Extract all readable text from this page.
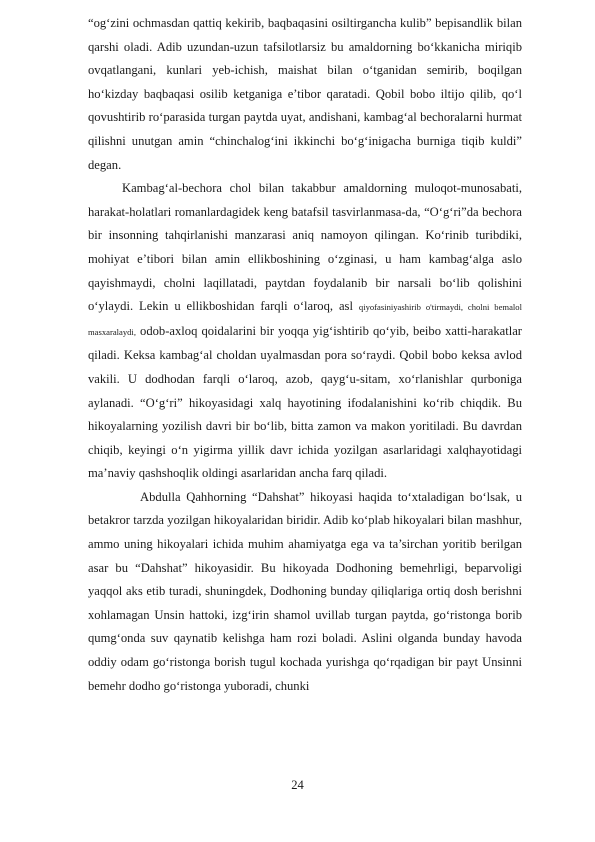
“og‘zini ochmasdan qattiq kekirib, baqbaqasini osiltirgancha kulib” bepisandlik bilan qarshi oladi. Adib uzundan-uzun tafsilotlarsiz bu amaldorning bo‘kkanicha miriqib ovqatlangani, kunlari yeb-ichish, maishat bilan o‘tganidan semirib, boqilgan ho‘kizday baqbaqasi osilib ketganiga e’tibor qaratadi. Qobil bobo iltijo qilib, qo‘l qovushtirib ro‘parasida turgan paytda uyat, andishani, kambag‘al bechoralarni hurmat qilishni unutgan amin “chinchalog‘ini ikkinchi bo‘g‘inigacha burniga tiqib kuldi” degan.

Kambag‘al-bechora chol bilan takabbur amaldorning muloqot-munosabati, harakat-holatlari romanlardagidek keng batafsil tasvirlanmasa-da, “O‘g‘ri”da bechora bir insonning tahqirlanishi manzarasi aniq namoyon qilingan. Ko‘rinib turibdiki, mohiyat e’tibori bilan amin ellikboshining o‘zginasi, u ham kambag‘alga aslo qayishmaydi, cholni laqillatadi, paytdan foydalanib bir narsali bo‘lib qolishini o‘ylaydi. Lekin u ellikboshidan farqli o‘laroq, asl qiyofasiniyashirib o'tirmaydi, cholni bemalol masxaralaydi, odob-axloq qoidalarini bir yoqqa yig‘ishtirib qo‘yib, beibo xatti-harakatlar qiladi. Keksa kambag‘al choldan uyalmasdan pora so‘raydi. Qobil bobo keksa avlod vakili. U dodhodan farqli o‘laroq, azob, qayg‘u-sitam, xo‘rlanishlar qurboniga aylanadi. “O‘g‘ri” hikoyasidagi xalq hayotining ifodalanishini ko‘rib chiqdik. Bu hikoyalarning yozilish davri bir bo‘lib, bitta zamon va makon yoritiladi. Bu davrdan chiqib, keyingi o‘n yigirma yillik davr ichida yozilgan asarlaridagi xalqhayotidagi ma’naviy qashshoqlik oldingi asarlaridan ancha farq qiladi.

Abdulla Qahhorning “Dahshat” hikoyasi haqida to‘xtaladigan bo‘lsak, u betakror tarzda yozilgan hikoyalaridan biridir. Adib ko‘plab hikoyalari bilan mashhur, ammo uning hikoyalari ichida muhim ahamiyatga ega va ta’sirchan yoritib berilgan asar bu “Dahshat” hikoyasidir. Bu hikoyada Dodhoning bemehrligi, beparvoligi yaqqol aks etib turadi, shuningdek, Dodhoning bunday qiliqlariga ortiq dosh berishni xohlamagan Unsin hattoki, izg‘irin shamol uvillab turgan paytda, go‘ristonga borib qumg‘onda suv qaynatib kelishga ham rozi boladi. Aslini olganda bunday havoda oddiy odam go‘ristonga borish tugul kochada yurishga qo‘rqadigan bir payt Unsinni bemehr dodho go‘ristonga yuboradi, chunki

24
